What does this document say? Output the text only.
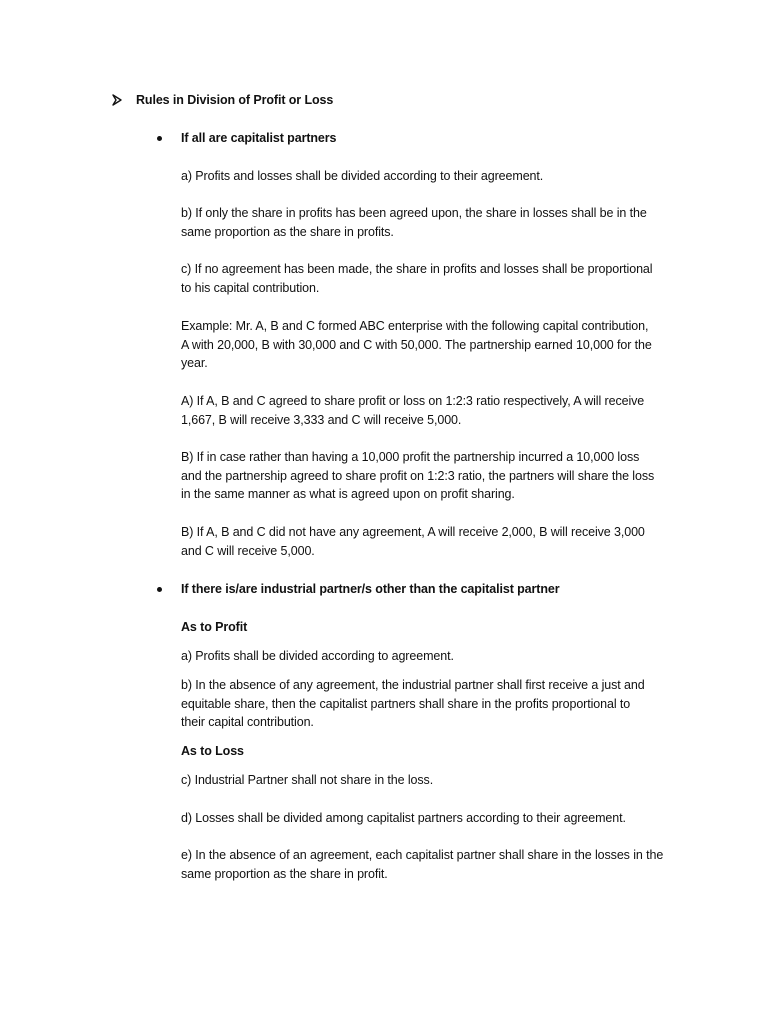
Rules in Division of Profit or Loss
If all are capitalist partners
a) Profits and losses shall be divided according to their agreement.
b) If only the share in profits has been agreed upon, the share in losses shall be in the
same proportion as the share in profits.
c) If no agreement has been made, the share in profits and losses shall be proportional
to his capital contribution.
Example: Mr. A, B and C formed ABC enterprise with the following capital contribution,
A with 20,000, B with 30,000 and C with 50,000. The partnership earned 10,000 for the
year.
A) If A, B and C agreed to share profit or loss on 1:2:3 ratio respectively, A will receive
1,667, B will receive 3,333 and C will receive 5,000.
B) If in case rather than having a 10,000 profit the partnership incurred a 10,000 loss
and the partnership agreed to share profit on 1:2:3 ratio, the partners will share the loss
in the same manner as what is agreed upon on profit sharing.
B) If A, B and C did not have any agreement, A will receive 2,000, B will receive 3,000
and C will receive 5,000.
If there is/are industrial partner/s other than the capitalist partner
As to Profit
a) Profits shall be divided according to agreement.
b) In the absence of any agreement, the industrial partner shall first receive a just and
equitable share, then the capitalist partners shall share in the profits proportional to
their capital contribution.
As to Loss
c) Industrial Partner shall not share in the loss.
d) Losses shall be divided among capitalist partners according to their agreement.
e) In the absence of an agreement, each capitalist partner shall share in the losses in the
same proportion as the share in profit.
